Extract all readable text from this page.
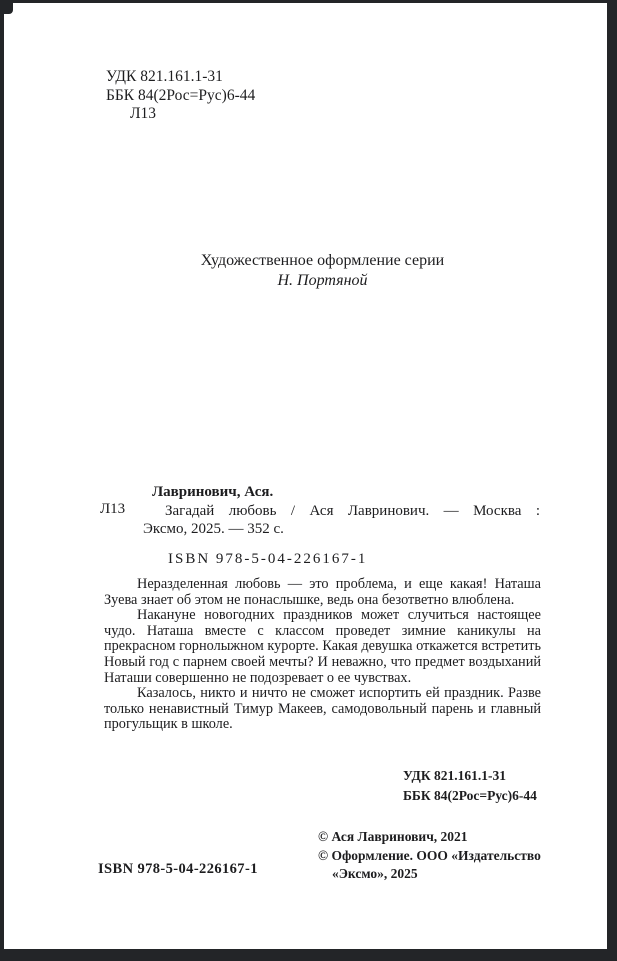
УДК 821.161.1-31
ББК 84(2Рос=Рус)6-44
Л13
Художественное оформление серии
Н. Портяной
Л13
Лавринович, Ася.
Загадай любовь / Ася Лавринович. — Москва :
Эксмо, 2025. — 352 с.
ISBN 978-5-04-226167-1

Неразделенная любовь — это проблема, и еще какая! Наташа Зуева знает об этом не понаслышке, ведь она безответно влюблена.

Накануне новогодних праздников может случиться настоящее чудо. Наташа вместе с классом проведет зимние каникулы на прекрасном горнолыжном курорте. Какая девушка откажется встретить Новый год с парнем своей мечты? И неважно, что предмет воздыханий Наташи совершенно не подозревает о ее чувствах.

Казалось, никто и ничто не сможет испортить ей праздник. Разве только ненавистный Тимур Макеев, самодовольный парень и главный прогульщик в школе.

УДК 821.161.1-31
ББК 84(2Рос=Рус)6-44
© Ася Лавринович, 2021
© Оформление. ООО «Издательство «Эксмо», 2025
ISBN 978-5-04-226167-1
